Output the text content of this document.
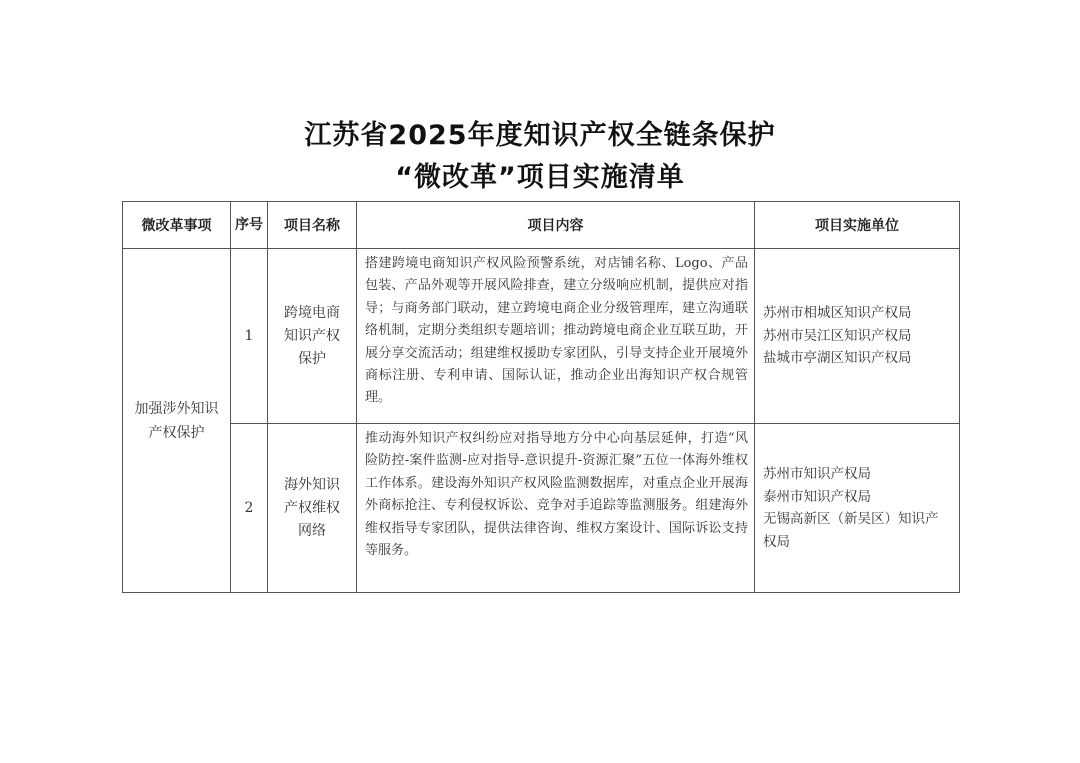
江苏省2025年度知识产权全链条保护
“微改革”项目实施清单
微改革事项	序号	项目名称	项目内容	项目实施单位
加强涉外知识产权保护	1	跨境电商知识产权保护	搭建跨境电商知识产权风险预警系统，对店铺名称、Logo、产品包装、产品外观等开展风险排查，建立分级响应机制，提供应对指导；与商务部门联动，建立跨境电商企业分级管理库，建立沟通联络机制，定期分类组织专题培训；推动跨境电商企业互联互助，开展分享交流活动；组建维权援助专家团队，引导支持企业开展境外商标注册、专利申请、国际认证，推动企业出海知识产权合规管理。	苏州市相城区知识产权局
苏州市吴江区知识产权局
盐城市亭湖区知识产权局

	2	海外知识产权维权网络	推动海外知识产权纠纷应对指导地方分中心向基层延伸，打造“风险防控-案件监测-应对指导-意识提升-资源汇聚”五位一体海外维权工作体系。建设海外知识产权风险监测数据库，对重点企业开展海外商标抢注、专利侵权诉讼、竞争对手追踪等监测服务。组建海外维权指导专家团队，提供法律咨询、维权方案设计、国际诉讼支持等服务。	苏州市知识产权局
泰州市知识产权局
无锡高新区（新吴区）知识产权局
